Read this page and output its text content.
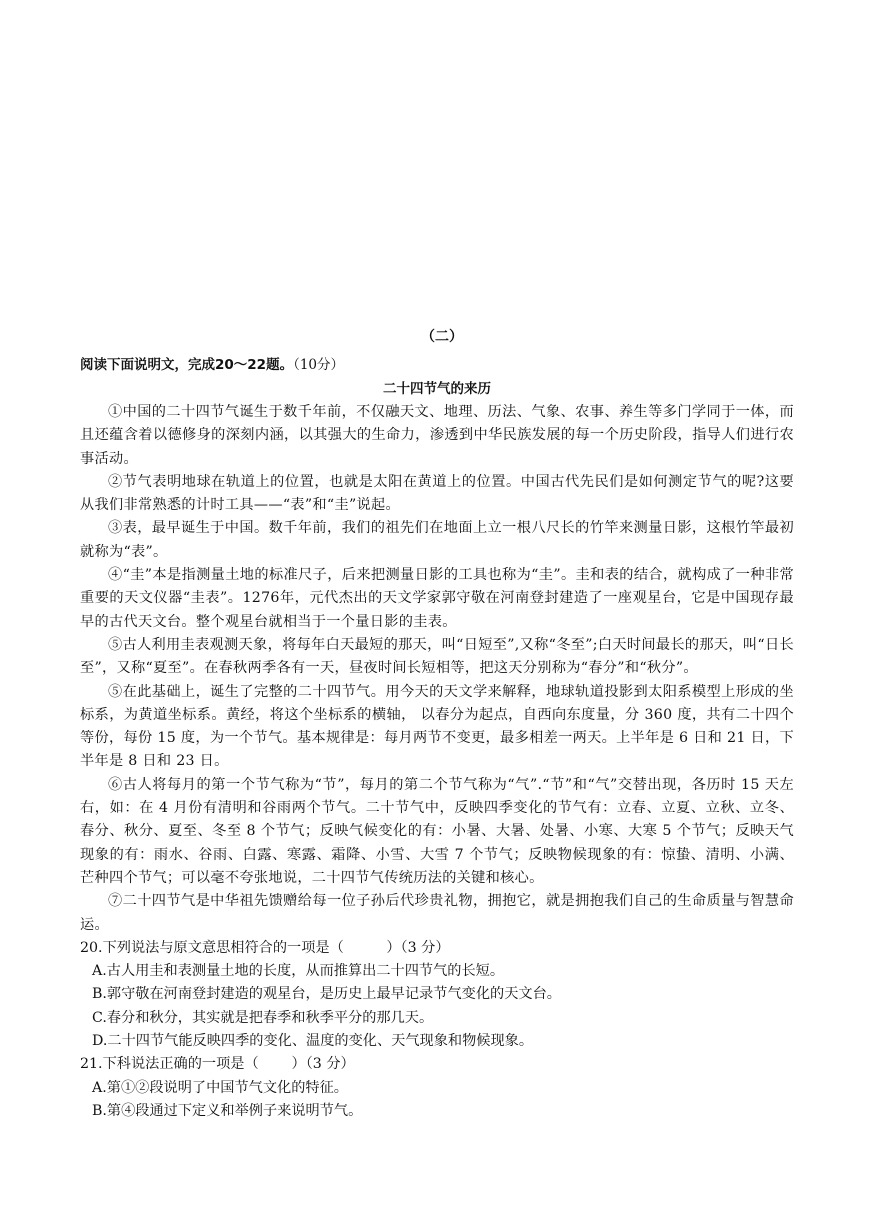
（二）
阅读下面说明文，完成20～22题。（10分）
二十四节气的来历

①中国的二十四节气诞生于数千年前，不仅融天文、地理、历法、气象、农事、养生等多门学同于一体，而且还蕴含着以德修身的深刻内涵，以其强大的生命力，渗透到中华民族发展的每一个历史阶段，指导人们进行农事活动。

②节气表明地球在轨道上的位置，也就是太阳在黄道上的位置。中国古代先民们是如何测定节气的呢?这要从我们非常熟悉的计时工具——“表”和“圭”说起。

③表，最早诞生于中国。数千年前，我们的祖先们在地面上立一根八尺长的竹竿来测量日影，这根竹竿最初就称为“表”。

④“圭”本是指测量土地的标准尺子，后来把测量日影的工具也称为“圭”。圭和表的结合，就构成了一种非常重要的天文仪器“圭表”。1276年，元代杰出的天文学家郭守敬在河南登封建造了一座观星台，它是中国现存最早的古代天文台。整个观星台就相当于一个量日影的圭表。

⑤古人利用圭表观测天象，将每年白天最短的那天，叫“日短至”,又称“冬至”;白天时间最长的那天，叫“日长至”，又称“夏至”。在春秋两季各有一天，昼夜时间长短相等，把这天分别称为“春分”和“秋分”。

⑤在此基础上，诞生了完整的二十四节气。用今天的天文学来解释，地球轨道投影到太阳系模型上形成的坐标系，为黄道坐标系。黄经，将这个坐标系的横轴， 以春分为起点，自西向东度量，分 360 度，共有二十四个等份，每份 15 度，为一个节气。基本规律是：每月两节不变更，最多相差一两天。上半年是 6 日和 21 日，下半年是 8 日和 23 日。

⑥古人将每月的第一个节气称为“节”，每月的第二个节气称为“气”.“节”和“气”交替出现，各历时 15 天左右，如：在 4 月份有清明和谷雨两个节气。二十节气中，反映四季变化的节气有：立春、立夏、立秋、立冬、春分、秋分、夏至、冬至 8 个节气；反映气候变化的有：小暑、大暑、处暑、小寒、大寒 5 个节气；反映天气现象的有：雨水、谷雨、白露、寒露、霜降、小雪、大雪 7 个节气；反映物候现象的有：惊蛰、清明、小满、芒种四个节气；可以毫不夸张地说，二十四节气传统历法的关键和核心。

⑦二十四节气是中华祖先馈赠给每一位子孙后代珍贵礼物，拥抱它，就是拥抱我们自己的生命质量与智慧命运。

20.下列说法与原文意思相符合的一项是（　　　）（3 分）

A.古人用圭和表测量土地的长度，从而推算出二十四节气的长短。

B.郭守敬在河南登封建造的观星台，是历史上最早记录节气变化的天文台。

C.春分和秋分，其实就是把春季和秋季平分的那几天。

D.二十四节气能反映四季的变化、温度的变化、天气现象和物候现象。

21.下科说法正确的一项是（　　 ）（3 分）

A.第①②段说明了中国节气文化的特征。

B.第④段通过下定义和举例子来说明节气。
